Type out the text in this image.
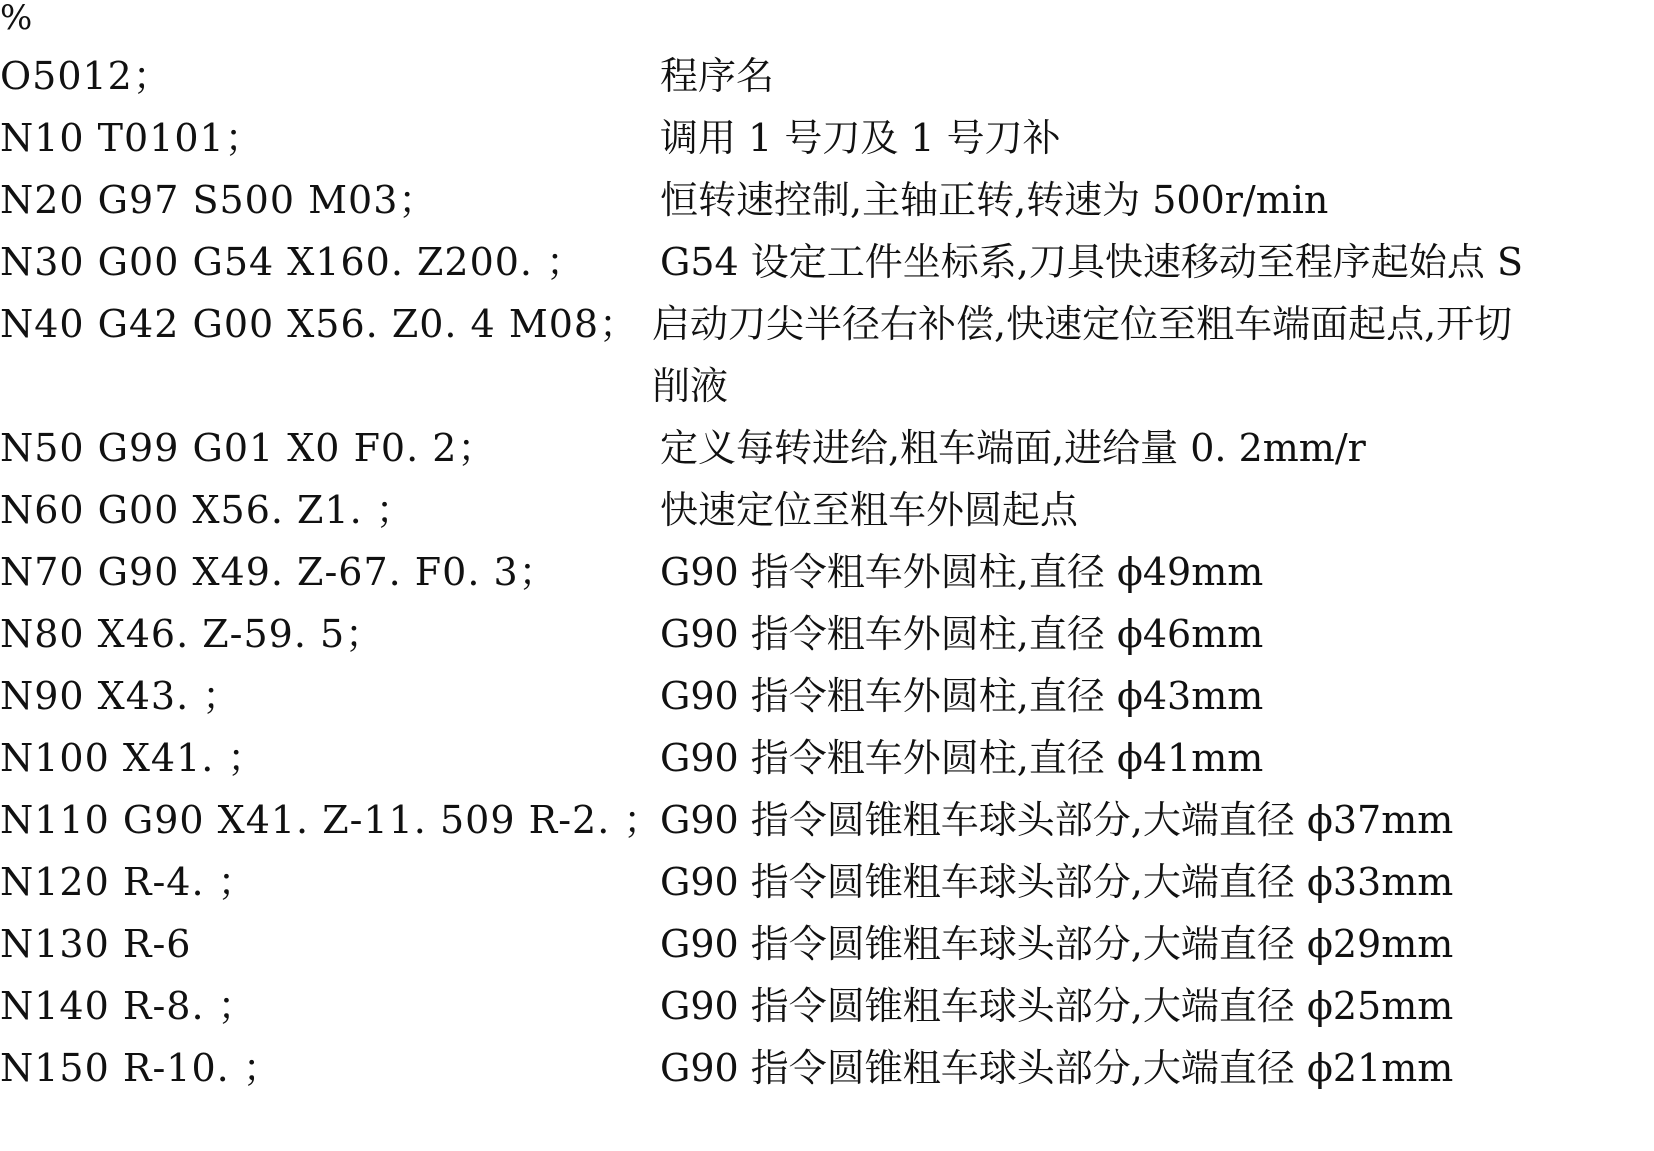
%
O5012；	程序名
N10 T0101；	调用 1 号刀及 1 号刀补
N20 G97 S500 M03；	恒转速控制,主轴正转,转速为 500r/min
N30 G00 G54 X160. Z200. ； G54 设定工件坐标系,刀具快速移动至程序起始点 S
N40 G42 G00 X56. Z0. 4 M08； 启动刀尖半径右补偿,快速定位至粗车端面起点,开切
削液
N50 G99 G01 X0 F0. 2；	定义每转进给,粗车端面,进给量 0. 2mm/r
N60 G00 X56. Z1. ；	快速定位至粗车外圆起点
N70 G90 X49. Z-67. F0. 3；	G90 指令粗车外圆柱,直径 ϕ49mm
N80 X46. Z-59. 5；	G90 指令粗车外圆柱,直径 ϕ46mm
N90 X43. ；	G90 指令粗车外圆柱,直径 ϕ43mm
N100 X41. ；	G90 指令粗车外圆柱,直径 ϕ41mm
N110 G90 X41. Z-11. 509 R-2. ；
G90 指令圆锥粗车球头部分,大端直径 ϕ37mm
N120 R-4. ；	G90 指令圆锥粗车球头部分,大端直径 ϕ33mm
N130 R-6	G90 指令圆锥粗车球头部分,大端直径 ϕ29mm
N140 R-8. ；	G90 指令圆锥粗车球头部分,大端直径 ϕ25mm
N150 R-10. ；	G90 指令圆锥粗车球头部分,大端直径 ϕ21mm
